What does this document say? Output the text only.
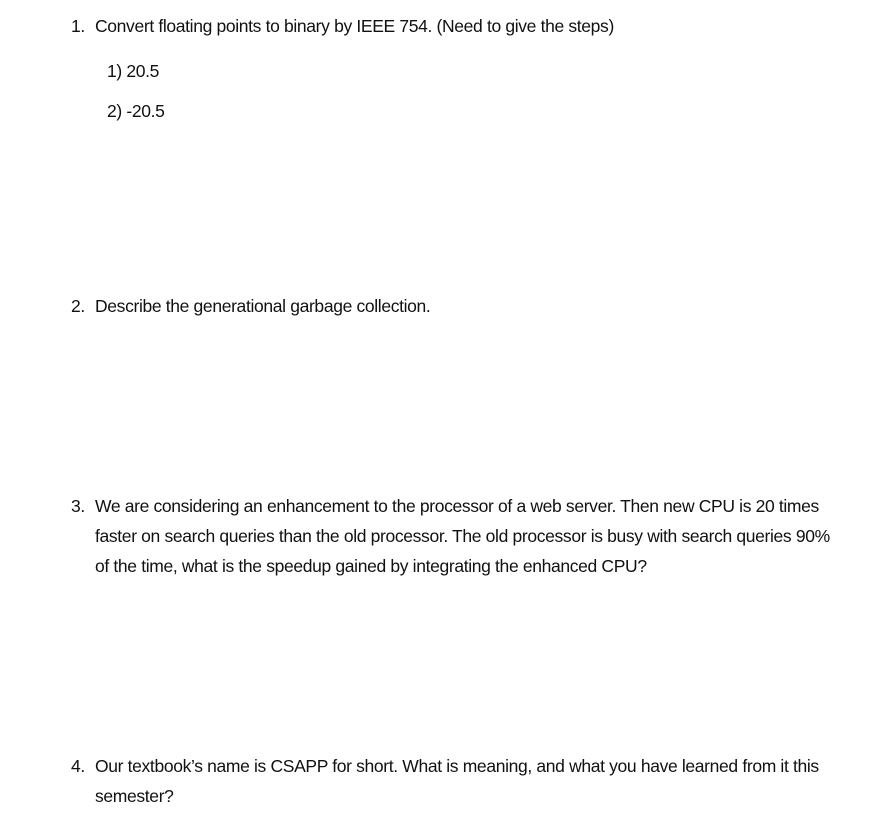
1. Convert floating points to binary by IEEE 754. (Need to give the steps)
1) 20.5
2) -20.5
2. Describe the generational garbage collection.
3. We are considering an enhancement to the processor of a web server. Then new CPU is 20 times faster on search queries than the old processor. The old processor is busy with search queries 90% of the time, what is the speedup gained by integrating the enhanced CPU?
4. Our textbook’s name is CSAPP for short. What is meaning, and what you have learned from it this semester?
